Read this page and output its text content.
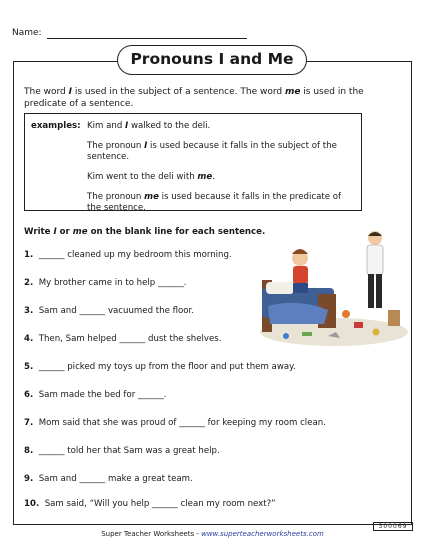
Name:
Pronouns I and Me
The word I is used in the subject of a sentence. The word me is used in the predicate of a sentence.
examples: Kim and I walked to the deli.

The pronoun I is used because it falls in the subject of the sentence.

Kim went to the deli with me.

The pronoun me is used because it falls in the predicate of the sentence.

Write I or me on the blank line for each sentence.
1. ______ cleaned up my bedroom this morning.
2. My brother came in to help ______.
3. Sam and ______ vacuumed the floor.
4. Then, Sam helped ______ dust the shelves.
5. ______ picked my toys up from the floor and put them away.
6. Sam made the bed for ______.
7. Mom said that she was proud of ______ for keeping my room clean.
8. ______ told her that Sam was a great help.
9. Sam and ______ make a great team.
10. Sam said, “Will you help ______ clean my room next?”
Super Teacher Worksheets - www.superteacherworksheets.com
300069
